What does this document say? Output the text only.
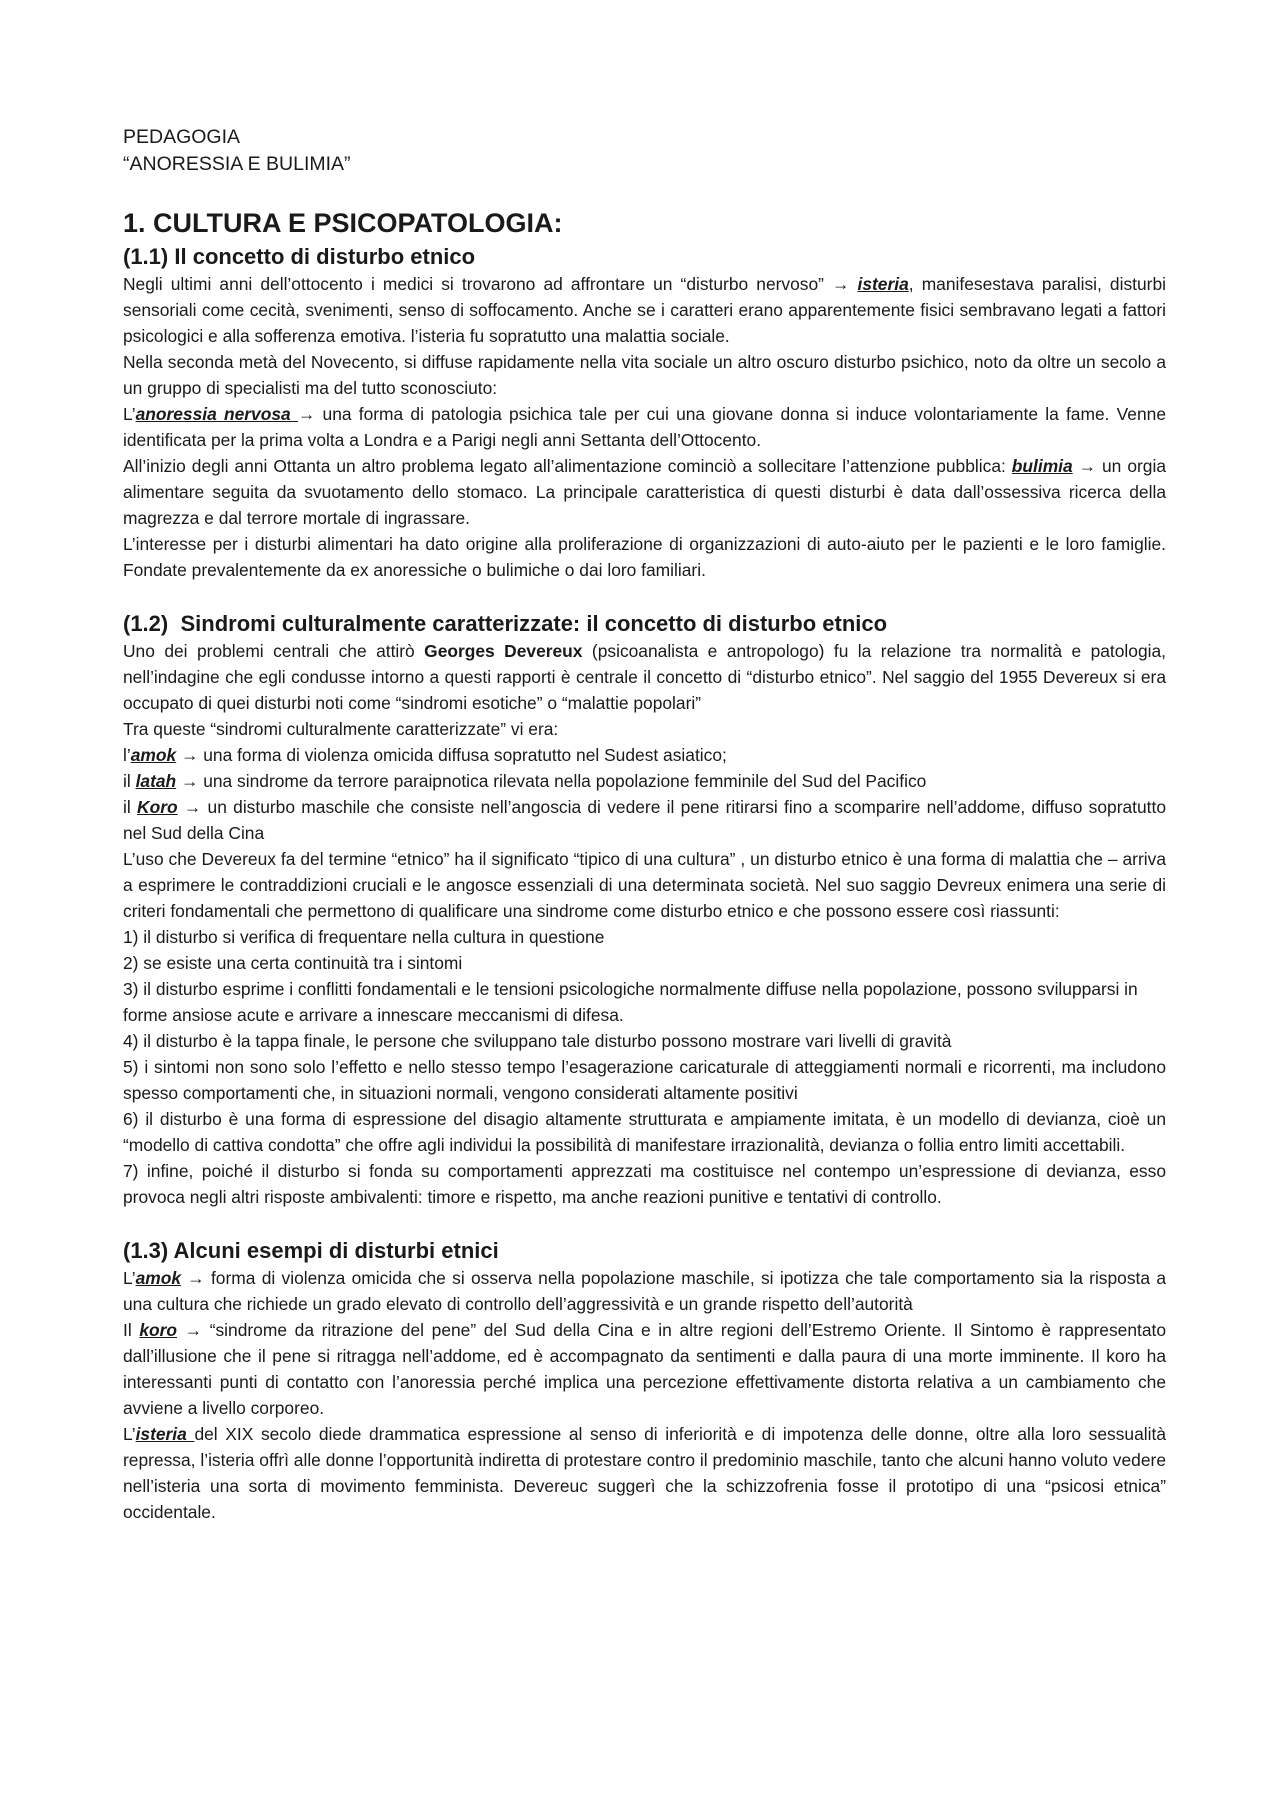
PEDAGOGIA

“ANORESSIA E BULIMIA”

1. CULTURA E PSICOPATOLOGIA:
(1.1) Il concetto di disturbo etnico

Negli ultimi anni dell’ottocento i medici si trovarono ad affrontare un “disturbo nervoso” → isteria, manifesestava paralisi, disturbi sensoriali come cecità, svenimenti, senso di soffocamento. Anche se i caratteri erano apparentemente fisici sembravano legati a fattori psicologici e alla sofferenza emotiva. l’isteria fu sopratutto una malattia sociale.

Nella seconda metà del Novecento, si diffuse rapidamente nella vita sociale un altro oscuro disturbo psichico, noto da oltre un secolo a un gruppo di specialisti ma del tutto sconosciuto:

L’anoressia nervosa → una forma di patologia psichica tale per cui una giovane donna si induce volontariamente la fame. Venne identificata per la prima volta a Londra e a Parigi negli anni Settanta dell’Ottocento.

All’inizio degli anni Ottanta un altro problema legato all’alimentazione cominciò a sollecitare l’attenzione pubblica: bulimia → un orgia alimentare seguita da svuotamento dello stomaco. La principale caratteristica di questi disturbi è data dall’ossessiva ricerca della magrezza e dal terrore mortale di ingrassare.

L’interesse per i disturbi alimentari ha dato origine alla proliferazione di organizzazioni di auto-aiuto per le pazienti e le loro famiglie. Fondate prevalentemente da ex anoressiche o bulimiche o dai loro familiari.

(1.2) Sindromi culturalmente caratterizzate: il concetto di disturbo etnico

Uno dei problemi centrali che attirò Georges Devereux (psicoanalista e antropologo) fu la relazione tra normalità e patologia, nell’indagine che egli condusse intorno a questi rapporti è centrale il concetto di “disturbo etnico”. Nel saggio del 1955 Devereux si era occupato di quei disturbi noti come “sindromi esotiche” o “malattie popolari”

Tra queste “sindromi culturalmente caratterizzate” vi era:

l’amok → una forma di violenza omicida diffusa sopratutto nel Sudest asiatico;

il latah → una sindrome da terrore paraipnotica rilevata nella popolazione femminile del Sud del Pacifico

il Koro → un disturbo maschile che consiste nell’angoscia di vedere il pene ritirarsi fino a scomparire nell’addome, diffuso sopratutto nel Sud della Cina

L’uso che Devereux fa del termine “etnico” ha il significato “tipico di una cultura” , un disturbo etnico è una forma di malattia che – arriva a esprimere le contraddizioni cruciali e le angosce essenziali di una determinata società. Nel suo saggio Devreux enimera una serie di criteri fondamentali che permettono di qualificare una sindrome come disturbo etnico e che possono essere così riassunti:

1) il disturbo si verifica di frequentare nella cultura in questione

2) se esiste una certa continuità tra i sintomi

3) il disturbo esprime i conflitti fondamentali e le tensioni psicologiche normalmente diffuse nella popolazione, possono svilupparsi in forme ansiose acute e arrivare a innescare meccanismi di difesa.

4) il disturbo è la tappa finale, le persone che sviluppano tale disturbo possono mostrare vari livelli di gravità

5) i sintomi non sono solo l’effetto e nello stesso tempo l’esagerazione caricaturale di atteggiamenti normali e ricorrenti, ma includono spesso comportamenti che, in situazioni normali, vengono considerati altamente positivi

6) il disturbo è una forma di espressione del disagio altamente strutturata e ampiamente imitata, è un modello di devianza, cioè un “modello di cattiva condotta” che offre agli individui la possibilità di manifestare irrazionalità, devianza o follia entro limiti accettabili.

7) infine, poiché il disturbo si fonda su comportamenti apprezzati ma costituisce nel contempo un’espressione di devianza, esso provoca negli altri risposte ambivalenti: timore e rispetto, ma anche reazioni punitive e tentativi di controllo.

(1.3) Alcuni esempi di disturbi etnici

L’amok → forma di violenza omicida che si osserva nella popolazione maschile, si ipotizza che tale comportamento sia la risposta a una cultura che richiede un grado elevato di controllo dell’aggressività e un grande rispetto dell’autorità

Il koro → “sindrome da ritrazione del pene” del Sud della Cina e in altre regioni dell’Estremo Oriente. Il Sintomo è rappresentato dall’illusione che il pene si ritragga nell’addome, ed è accompagnato da sentimenti e dalla paura di una morte imminente. Il koro ha interessanti punti di contatto con l’anoressia perché implica una percezione effettivamente distorta relativa a un cambiamento che avviene a livello corporeo.

L’isteria del XIX secolo diede drammatica espressione al senso di inferiorità e di impotenza delle donne, oltre alla loro sessualità repressa, l’isteria offrì alle donne l’opportunità indiretta di protestare contro il predominio maschile, tanto che alcuni hanno voluto vedere nell’isteria una sorta di movimento femminista. Devereuc suggerì che la schizzofrenia fosse il prototipo di una “psicosi etnica” occidentale.
